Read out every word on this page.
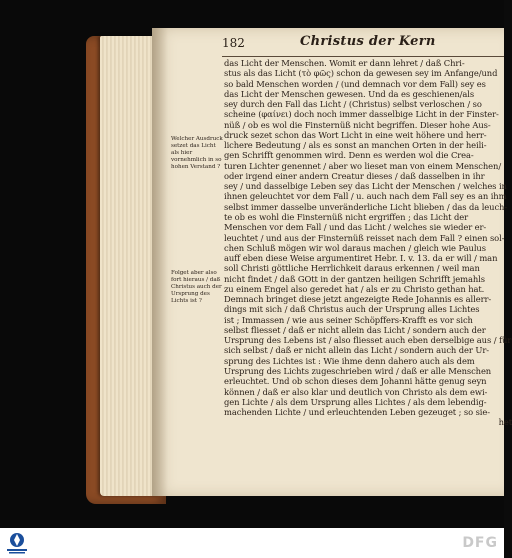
182	Christus der Kern
Welcher Ausdruck setzet das Licht als hier vornehmlich in so hohen Verstand ?
Folget aber also fort hieraus / daß Christus auch der Ursprung des Lichts ist ?
das Licht der Menschen. Womit er dann lehret / daß Chri-
stus als das Licht (τὸ φῶς) schon da gewesen sey im Anfange/und
so bald Menschen worden / (und demnach vor dem Fall) sey es
das Licht der Menschen gewesen. Und da es geschienen/als
sey durch den Fall das Licht / (Christus) selbst verloschen / so
scheine (φαίνει) doch noch immer dasselbige Licht in der Finster-
nüß / ob es wol die Finsternüß nicht begriffen. Dieser hohe Aus-
druck sezet schon das Wort Licht in eine weit höhere und herr-
lichere Bedeutung / als es sonst an manchen Orten in der heili-
gen Schrifft genommen wird. Denn es werden wol die Crea-
turen Lichter genennet / aber wo lieset man von einem Menschen/
oder irgend einer andern Creatur dieses / daß dasselben in ihr
sey / und dasselbige Leben sey das Licht der Menschen / welches in
ihnen geleuchtet vor dem Fall / u. auch nach dem Fall sey es an ihm
selbst immer dasselbe unveränderliche Licht blieben / das da leuch-
te ob es wohl die Finsternüß nicht ergriffen ; das Licht der
Menschen vor dem Fall / und das Licht / welches sie wieder er-
leuchtet / und aus der Finsternüß reisset nach dem Fall ? einen sol-
chen Schluß mögen wir wol daraus machen / gleich wie Paulus
auff eben diese Weise argumentiret Hebr. I. v. 13. da er will / man
soll Christi göttliche Herrlichkeit daraus erkennen / weil man
nicht findet / daß GOtt in der gantzen heiligen Schrifft jemahls
zu einem Engel also geredet hat / als er zu Christo gethan hat.
Demnach bringet diese jetzt angezeigte Rede Johannis es allerr-
dings mit sich / daß Christus auch der Ursprung alles Lichtes
ist ; Immassen / wie aus seiner Schöpffers-Krafft es vor sich
selbst fliesset / daß er nicht allein das Licht / sondern auch der
Ursprung des Lebens ist / also fliesset auch eben derselbige aus / für
sich selbst / daß er nicht allein das Licht / sondern auch der Ur-
sprung des Lichtes ist : Wie ihme denn dahero auch als dem
Ursprung des Lichts zugeschrieben wird / daß er alle Menschen
erleuchtet. Und ob schon dieses dem Johanni hätte genug seyn
können / daß er also klar und deutlich von Christo als dem ewi-
gen Lichte / als dem Ursprung alles Lichtes / als dem lebendig-
machenden Lichte / und erleuchtenden Leben gezeuget ; so sie-
het
DFG
